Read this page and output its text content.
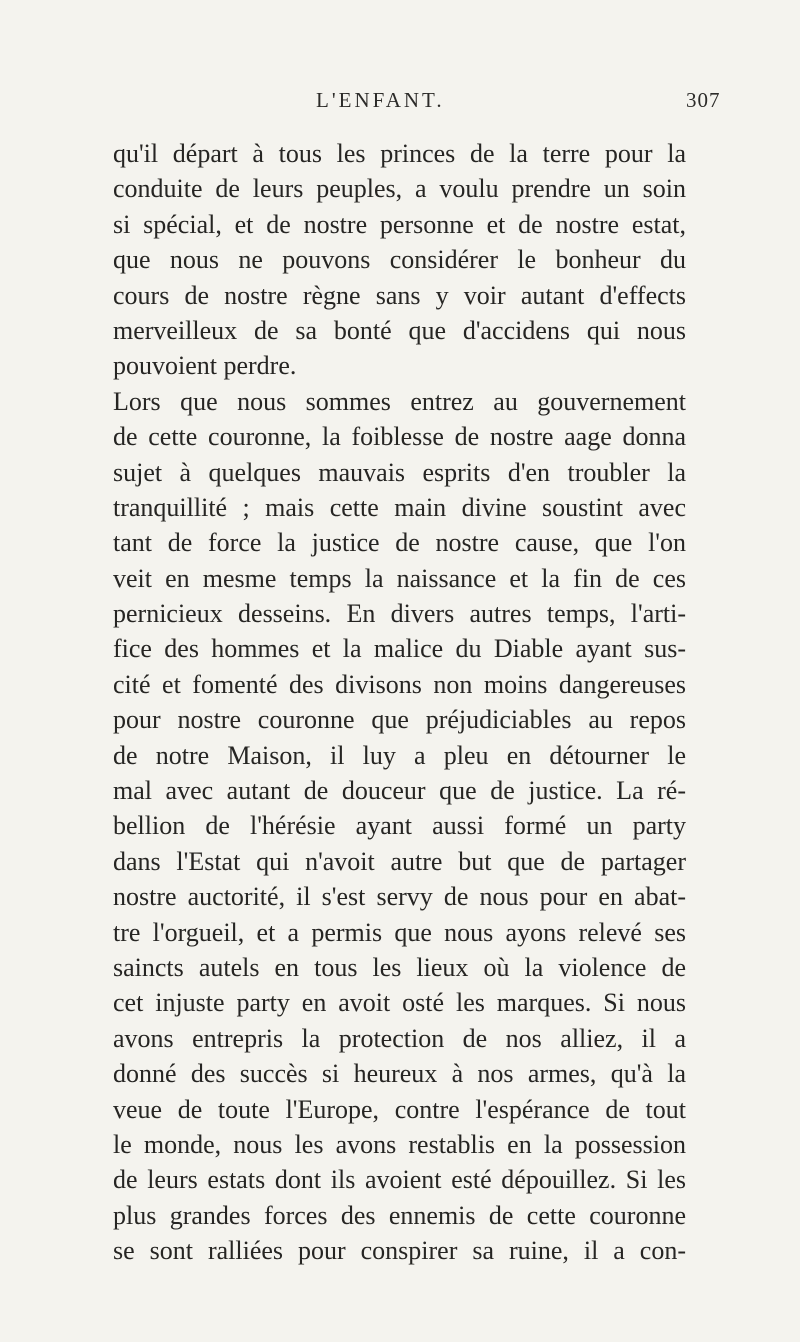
L'ENFANT.	307
qu'il départ à tous les princes de la terre pour la
conduite de leurs peuples, a voulu prendre un soin
si spécial, et de nostre personne et de nostre estat,
que nous ne pouvons considérer le bonheur du
cours de nostre règne sans y voir autant d'effects
merveilleux de sa bonté que d'accidens qui nous
pouvoient perdre.
Lors que nous sommes entrez au gouvernement
de cette couronne, la foiblesse de nostre aage donna
sujet à quelques mauvais esprits d'en troubler la
tranquillité ; mais cette main divine soustint avec
tant de force la justice de nostre cause, que l'on
veit en mesme temps la naissance et la fin de ces
pernicieux desseins. En divers autres temps, l'arti-
fice des hommes et la malice du Diable ayant sus-
cité et fomenté des divisons non moins dangereuses
pour nostre couronne que préjudiciables au repos
de notre Maison, il luy a pleu en détourner le
mal avec autant de douceur que de justice. La ré-
bellion de l'hérésie ayant aussi formé un party
dans l'Estat qui n'avoit autre but que de partager
nostre auctorité, il s'est servy de nous pour en abat-
tre l'orgueil, et a permis que nous ayons relevé ses
saincts autels en tous les lieux où la violence de
cet injuste party en avoit osté les marques. Si nous
avons entrepris la protection de nos alliez, il a
donné des succès si heureux à nos armes, qu'à la
veue de toute l'Europe, contre l'espérance de tout
le monde, nous les avons restablis en la possession
de leurs estats dont ils avoient esté dépouillez. Si les
plus grandes forces des ennemis de cette couronne
se sont ralliées pour conspirer sa ruine, il a con-
